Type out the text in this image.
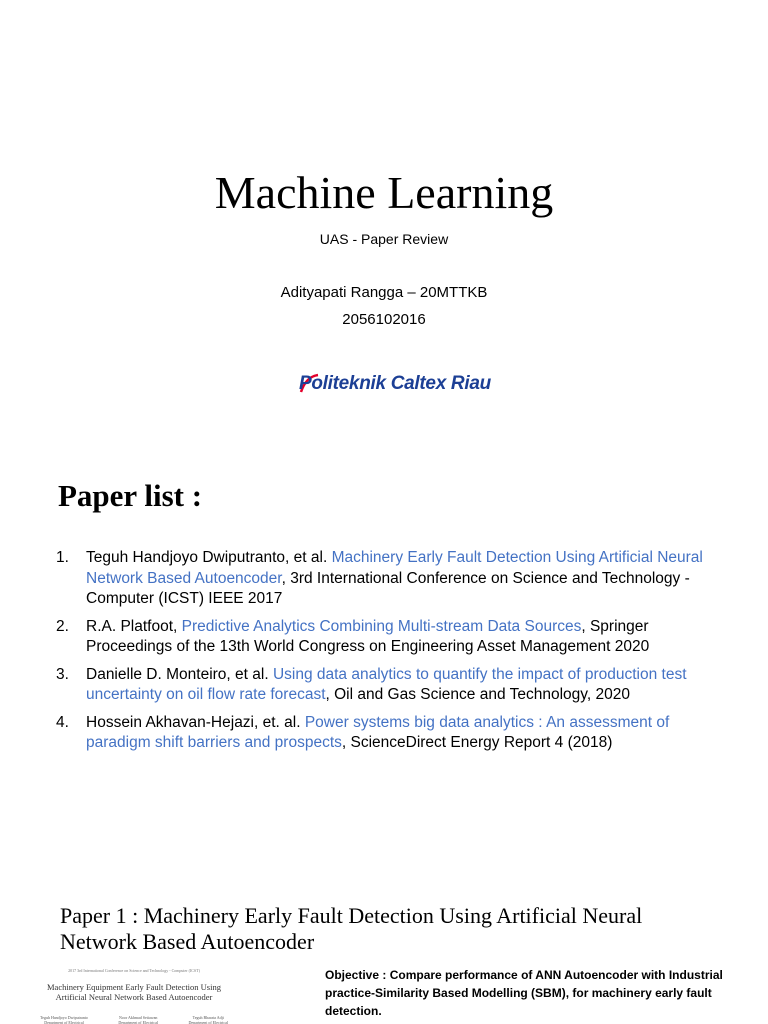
Machine Learning
UAS - Paper Review
Adityapati Rangga – 20MTTKB
2056102016
Politeknik Caltex Riau
Paper list :
1. Teguh Handjoyo Dwiputranto, et al. Machinery Early Fault Detection Using Artificial Neural Network Based Autoencoder, 3rd International Conference on Science and Technology - Computer (ICST) IEEE 2017
2. R.A. Platfoot, Predictive Analytics Combining Multi-stream Data Sources, Springer Proceedings of the 13th World Congress on Engineering Asset Management 2020
3. Danielle D. Monteiro, et al. Using data analytics to quantify the impact of production test uncertainty on oil flow rate forecast, Oil and Gas Science and Technology, 2020
4. Hossein Akhavan-Hejazi, et. al. Power systems big data analytics : An assessment of paradigm shift barriers and prospects, ScienceDirect Energy Report 4 (2018)
Paper 1 : Machinery Early Fault Detection Using Artificial Neural Network Based Autoencoder
2017 3rd International Conference on Science and Technology - Computer (ICST)
Machinery Equipment Early Fault Detection Using Artificial Neural Network Based Autoencoder
Teguh Handjoyo Dwiputranto
Department of Electrical
Noor Akhmad Setiawan
Department of Electrical
Teguh Bharata Adji
Department of Electrical
Objective : Compare performance of ANN Autoencoder with Industrial practice-Similarity Based Modelling (SBM), for machinery early fault detection.
